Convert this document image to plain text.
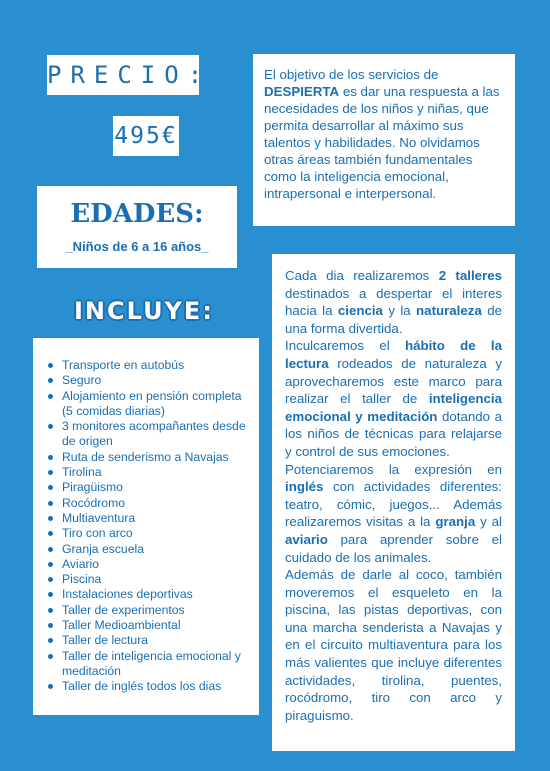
PRECIO:

495€

EDADES:

_Niños de 6 a 16 años_

El objetivo de los servicios de DESPIERTA es dar una respuesta a las necesidades de los niños y niñas, que permita desarrollar al máximo sus talentos y habilidades. No olvidamos otras áreas también fundamentales como la inteligencia emocional, intrapersonal e interpersonal.

INCLUYE:
Transporte en autobús
Seguro
Alojamiento en pensión completa (5 comidas diarias)
3 monitores acompañantes desde de origen
Ruta de senderismo a Navajas
Tirolina
Piragüismo
Rocódromo
Multiaventura
Tiro con arco
Granja escuela
Aviario
Piscina
Instalaciones deportivas
Taller de experimentos
Taller Medioambiental
Taller de lectura
Taller de inteligencia emocional y meditación
Taller de inglés todos los dias

Cada dia realizaremos 2 talleres destinados a despertar el interes hacia la ciencia y la naturaleza de una forma divertida.

Inculcaremos el hábito de la lectura rodeados de naturaleza y aprovecharemos este marco para realizar el taller de inteligencia emocional y meditación dotando a los niños de técnicas para relajarse y control de sus emociones.

Potenciaremos la expresión en inglés con actividades diferentes: teatro, cómic, juegos... Además realizaremos visitas a la granja y al aviario para aprender sobre el cuidado de los animales.

Además de darle al coco, también moveremos el esqueleto en la piscina, las pistas deportivas, con una marcha senderista a Navajas y en el circuito multiaventura para los más valientes que incluye diferentes actividades, tirolina, puentes, rocódromo, tiro con arco y piraguismo.
